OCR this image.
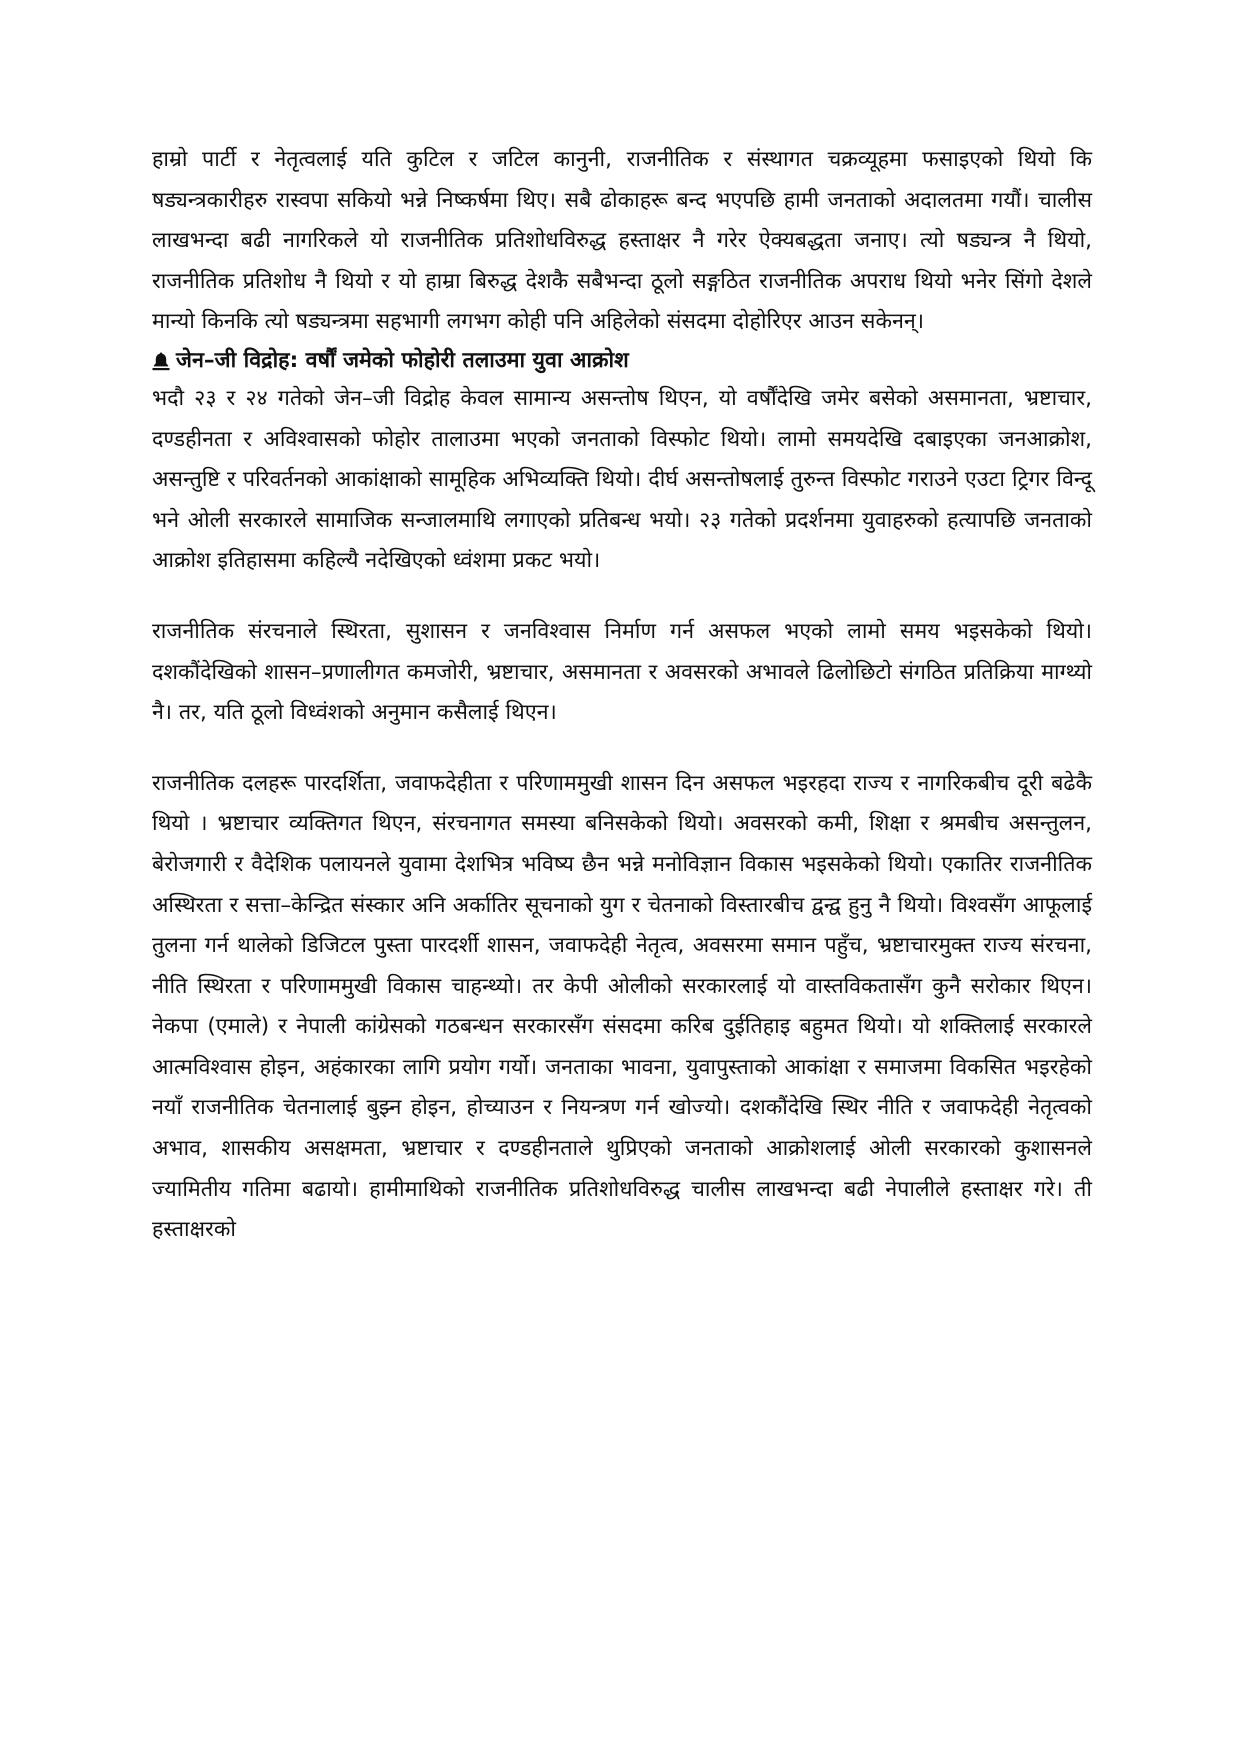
हाम्रो पार्टी र नेतृत्वलाई यति कुटिल र जटिल कानुनी, राजनीतिक र संस्थागत चक्रव्यूहमा फसाइएको थियो कि षड्यन्त्रकारीहरु रास्वपा सकियो भन्ने निष्कर्षमा थिए। सबै ढोकाहरू बन्द भएपछि हामी जनताको अदालतमा गयौं। चालीस लाखभन्दा बढी नागरिकले यो राजनीतिक प्रतिशोधविरुद्ध हस्ताक्षर नै गरेर ऐक्यबद्धता जनाए। त्यो षड्यन्त्र नै थियो, राजनीतिक प्रतिशोध नै थियो र यो हाम्रा बिरुद्ध देशकै सबैभन्दा ठूलो सङ्गठित राजनीतिक अपराध थियो भनेर सिंगो देशले मान्यो किनकि त्यो षड्यन्त्रमा सहभागी लगभग कोही पनि अहिलेको संसदमा दोहोरिएर आउन सकेनन्।

जेन–जी विद्रोह: वर्षौं जमेको फोहोरी तलाउमा युवा आक्रोश

भदौ २३ र २४ गतेको जेन–जी विद्रोह केवल सामान्य असन्तोष थिएन, यो वर्षौंदेखि जमेर बसेको असमानता, भ्रष्टाचार, दण्डहीनता र अविश्वासको फोहोर तालाउमा भएको जनताको विस्फोट थियो। लामो समयदेखि दबाइएका जनआक्रोश, असन्तुष्टि र परिवर्तनको आकांक्षाको सामूहिक अभिव्यक्ति थियो। दीर्घ असन्तोषलाई तुरुन्त विस्फोट गराउने एउटा ट्रिगर विन्दू भने ओली सरकारले सामाजिक सन्जालमाथि लगाएको प्रतिबन्ध भयो। २३ गतेको प्रदर्शनमा युवाहरुको हत्यापछि जनताको आक्रोश इतिहासमा कहिल्यै नदेखिएको ध्वंशमा प्रकट भयो।

राजनीतिक संरचनाले स्थिरता, सुशासन र जनविश्वास निर्माण गर्न असफल भएको लामो समय भइसकेको थियो। दशकौंदेखिको शासन–प्रणालीगत कमजोरी, भ्रष्टाचार, असमानता र अवसरको अभावले ढिलोछिटो संगठित प्रतिक्रिया माग्थ्यो नै। तर, यति ठूलो विध्वंशको अनुमान कसैलाई थिएन।

राजनीतिक दलहरू पारदर्शिता, जवाफदेहीता र परिणाममुखी शासन दिन असफल भइरहदा राज्य र नागरिकबीच दूरी बढेकै थियो । भ्रष्टाचार व्यक्तिगत थिएन, संरचनागत समस्या बनिसकेको थियो। अवसरको कमी, शिक्षा र श्रमबीच असन्तुलन, बेरोजगारी र वैदेशिक पलायनले युवामा देशभित्र भविष्य छैन भन्ने मनोविज्ञान विकास भइसकेको थियो। एकातिर राजनीतिक अस्थिरता र सत्ता–केन्द्रित संस्कार अनि अर्कातिर सूचनाको युग र चेतनाको विस्तारबीच द्वन्द्व हुनु नै थियो। विश्वसँग आफूलाई तुलना गर्न थालेको डिजिटल पुस्ता पारदर्शी शासन, जवाफदेही नेतृत्व, अवसरमा समान पहुँच, भ्रष्टाचारमुक्त राज्य संरचना, नीति स्थिरता र परिणाममुखी विकास चाहन्थ्यो। तर केपी ओलीको सरकारलाई यो वास्तविकतासँग कुनै सरोकार थिएन। नेकपा (एमाले) र नेपाली कांग्रेसको गठबन्धन सरकारसँग संसदमा करिब दुईतिहाइ बहुमत थियो। यो शक्तिलाई सरकारले आत्मविश्वास होइन, अहंकारका लागि प्रयोग गर्यो। जनताका भावना, युवापुस्ताको आकांक्षा र समाजमा विकसित भइरहेको नयाँ राजनीतिक चेतनालाई बुझ्न होइन, होच्याउन र नियन्त्रण गर्न खोज्यो। दशकौंदेखि स्थिर नीति र जवाफदेही नेतृत्वको अभाव, शासकीय असक्षमता, भ्रष्टाचार र दण्डहीनताले थुप्रिएको जनताको आक्रोशलाई ओली सरकारको कुशासनले ज्यामितीय गतिमा बढायो। हामीमाथिको राजनीतिक प्रतिशोधविरुद्ध चालीस लाखभन्दा बढी नेपालीले हस्ताक्षर गरे। ती हस्ताक्षरको
